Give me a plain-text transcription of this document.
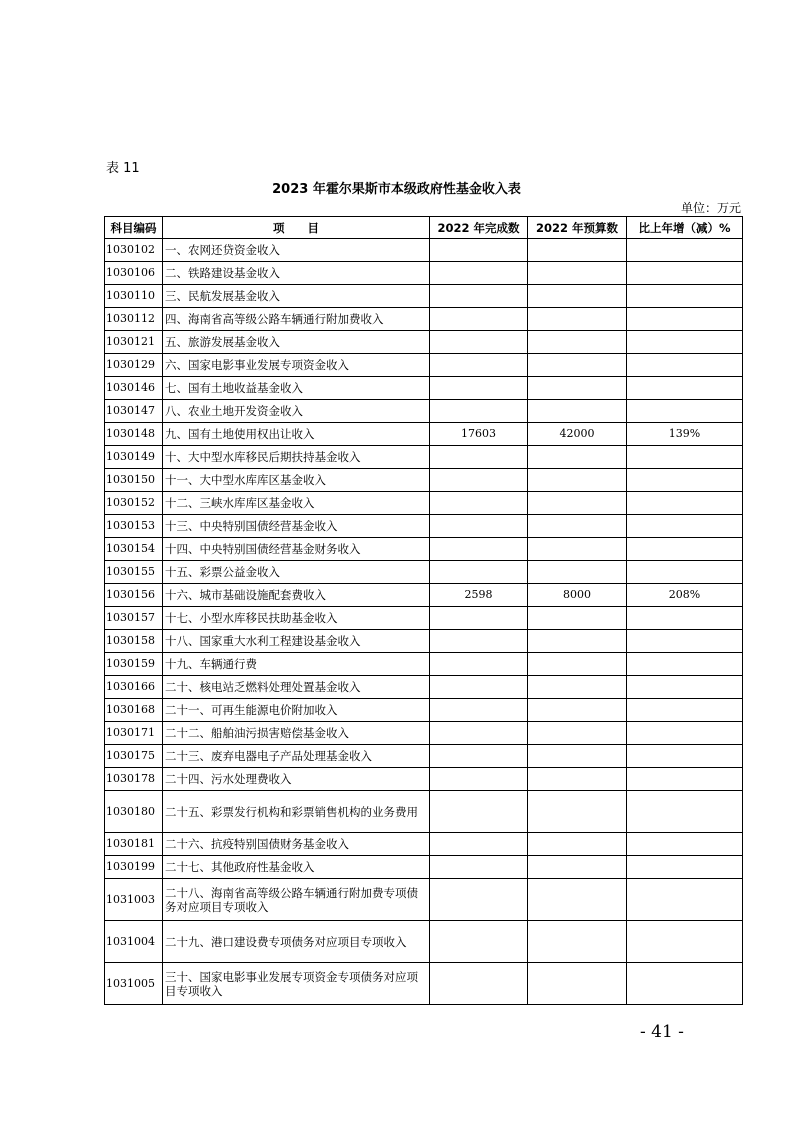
表 11
2023 年霍尔果斯市本级政府性基金收入表
单位：万元
科目编码	项　　目	2022 年完成数	2022 年预算数	比上年增（减）%
1030102	一、农网还贷资金收入			
1030106	二、铁路建设基金收入			
1030110	三、民航发展基金收入			
1030112	四、海南省高等级公路车辆通行附加费收入			
1030121	五、旅游发展基金收入			
1030129	六、国家电影事业发展专项资金收入			
1030146	七、国有土地收益基金收入			
1030147	八、农业土地开发资金收入			
1030148	九、国有土地使用权出让收入	17603	42000	139%
1030149	十、大中型水库移民后期扶持基金收入			
1030150	十一、大中型水库库区基金收入			
1030152	十二、三峡水库库区基金收入			
1030153	十三、中央特别国债经营基金收入			
1030154	十四、中央特别国债经营基金财务收入			
1030155	十五、彩票公益金收入			
1030156	十六、城市基础设施配套费收入	2598	8000	208%
1030157	十七、小型水库移民扶助基金收入			
1030158	十八、国家重大水利工程建设基金收入			
1030159	十九、车辆通行费			
1030166	二十、核电站乏燃料处理处置基金收入			
1030168	二十一、可再生能源电价附加收入			
1030171	二十二、船舶油污损害赔偿基金收入			
1030175	二十三、废弃电器电子产品处理基金收入			
1030178	二十四、污水处理费收入			
1030180	二十五、彩票发行机构和彩票销售机构的业务费用			
1030181	二十六、抗疫特别国债财务基金收入			
1030199	二十七、其他政府性基金收入			
1031003	二十八、海南省高等级公路车辆通行附加费专项债务对应项目专项收入			
1031004	二十九、港口建设费专项债务对应项目专项收入			
1031005	三十、国家电影事业发展专项资金专项债务对应项目专项收入			
- 41 -
